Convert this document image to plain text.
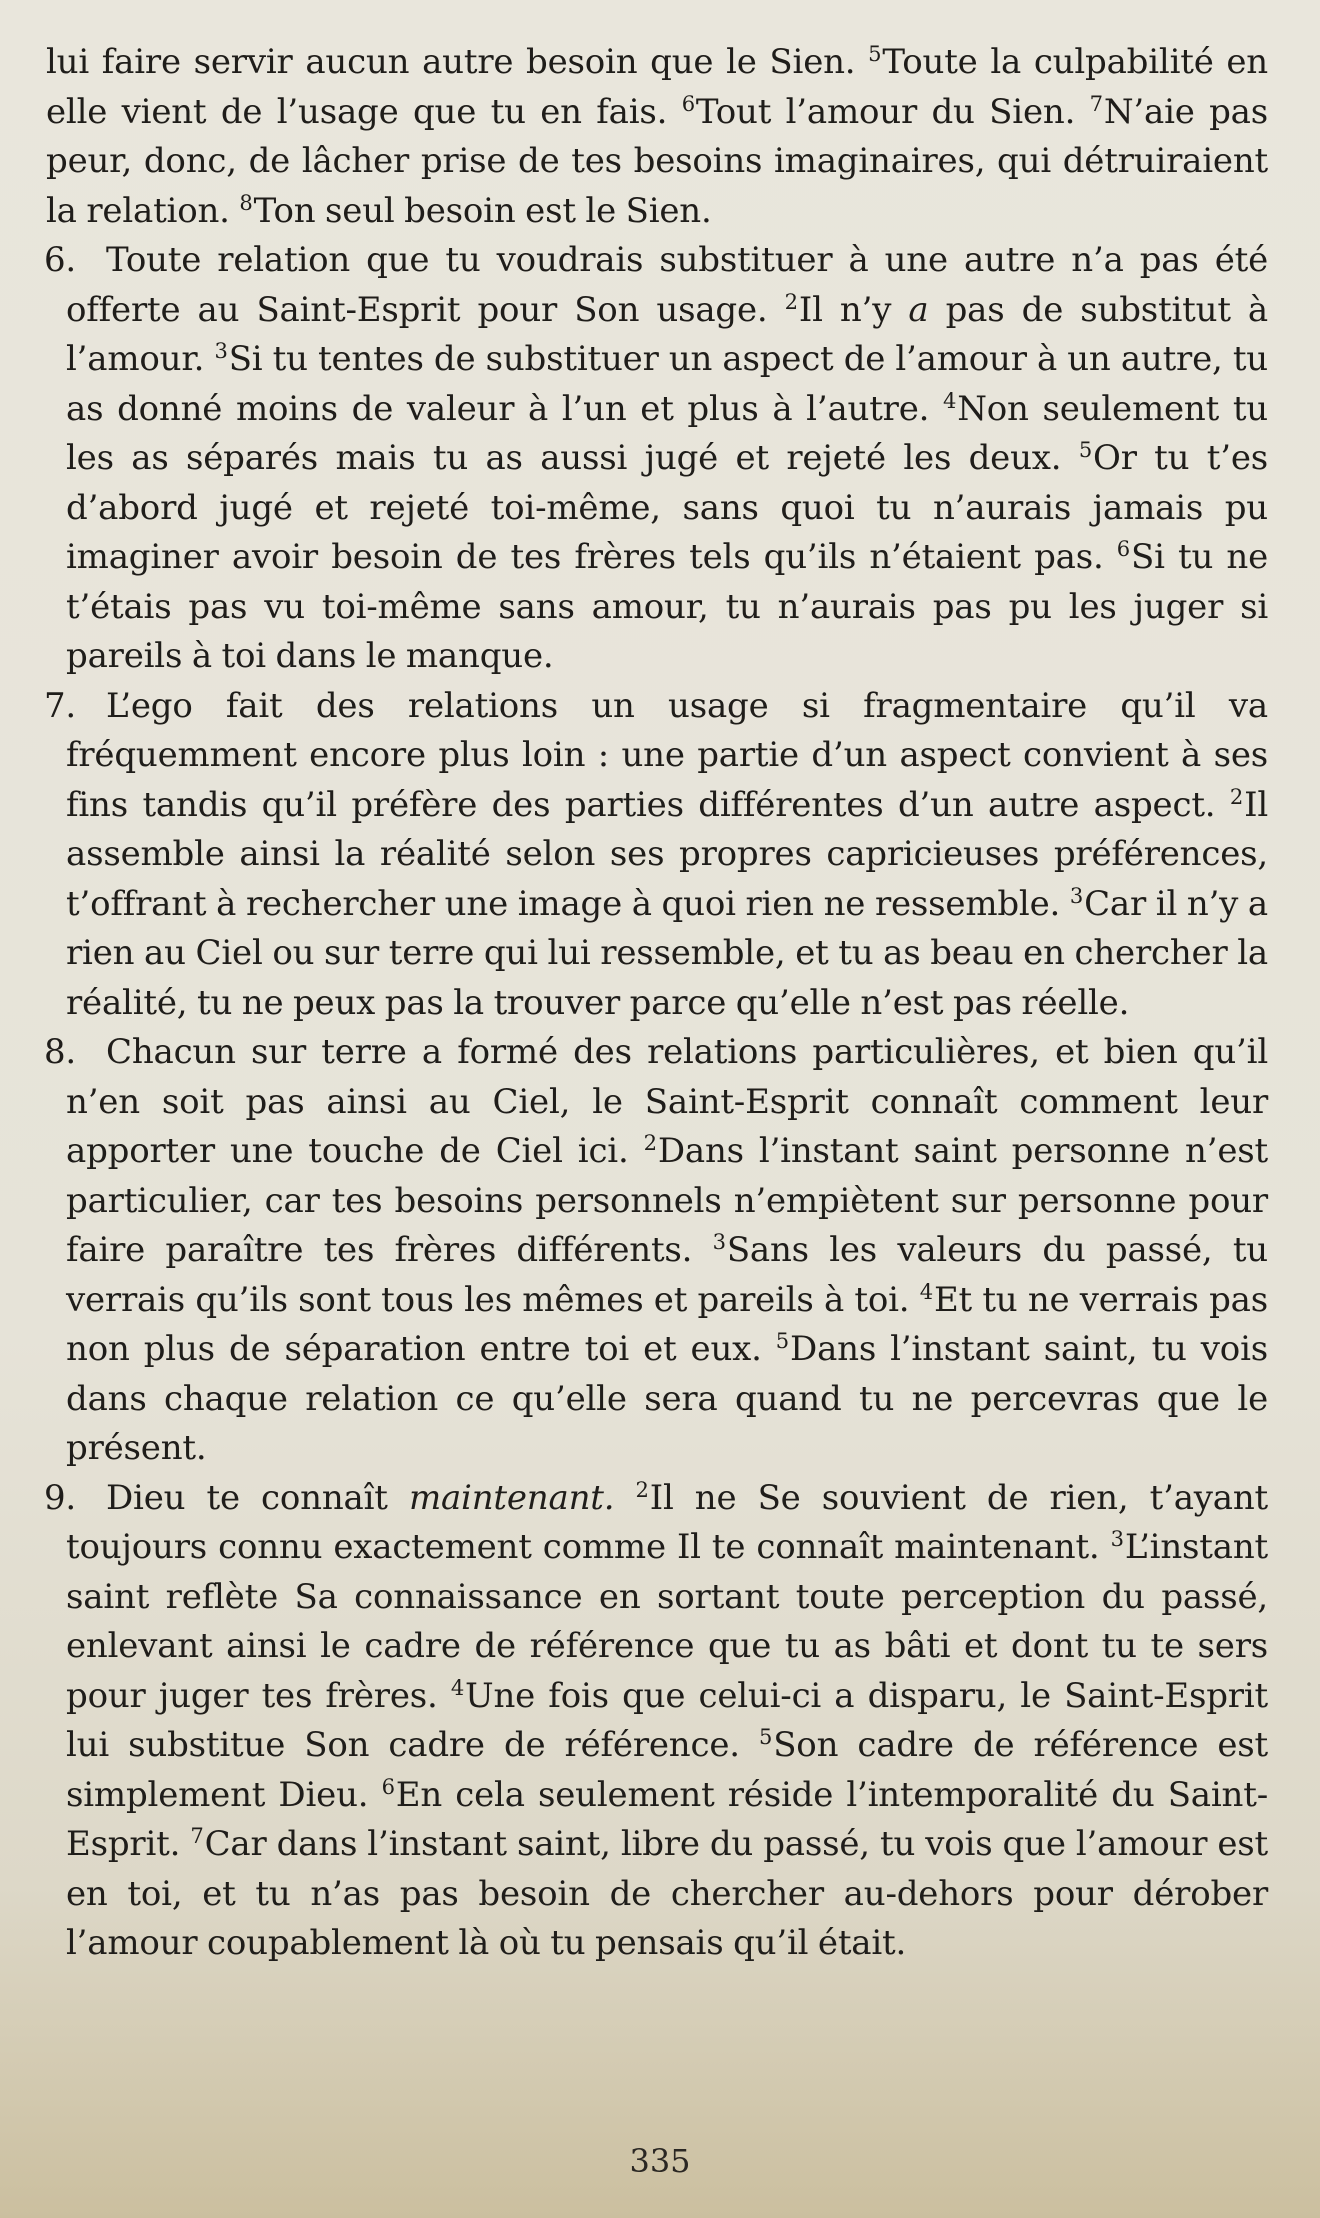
lui faire servir aucun autre besoin que le Sien. $^5$Toute la culpabilité en elle vient de l’usage que tu en fais. $^6$Tout l’amour du Sien. $^7$N’aie pas peur, donc, de lâcher prise de tes besoins imaginaires, qui détruiraient la relation. $^8$Ton seul besoin est le Sien.

6. Toute relation que tu voudrais substituer à une autre n’a pas été offerte au Saint-Esprit pour Son usage. $^2$Il n’y a pas de substitut à l’amour. $^3$Si tu tentes de substituer un aspect de l’amour à un autre, tu as donné moins de valeur à l’un et plus à l’autre. $^4$Non seulement tu les as séparés mais tu as aussi jugé et rejeté les deux. $^5$Or tu t’es d’abord jugé et rejeté toi-même, sans quoi tu n’aurais jamais pu imaginer avoir besoin de tes frères tels qu’ils n’étaient pas. $^6$Si tu ne t’étais pas vu toi-même sans amour, tu n’aurais pas pu les juger si pareils à toi dans le manque.

7. L’ego fait des relations un usage si fragmentaire qu’il va fréquemment encore plus loin : une partie d’un aspect convient à ses fins tandis qu’il préfère des parties différentes d’un autre aspect. $^2$Il assemble ainsi la réalité selon ses propres capricieuses préférences, t’offrant à rechercher une image à quoi rien ne ressemble. $^3$Car il n’y a rien au Ciel ou sur terre qui lui ressemble, et tu as beau en chercher la réalité, tu ne peux pas la trouver parce qu’elle n’est pas réelle.

8. Chacun sur terre a formé des relations particulières, et bien qu’il n’en soit pas ainsi au Ciel, le Saint-Esprit connaît comment leur apporter une touche de Ciel ici. $^2$Dans l’instant saint personne n’est particulier, car tes besoins personnels n’empiètent sur personne pour faire paraître tes frères différents. $^3$Sans les valeurs du passé, tu verrais qu’ils sont tous les mêmes et pareils à toi. $^4$Et tu ne verrais pas non plus de séparation entre toi et eux. $^5$Dans l’instant saint, tu vois dans chaque relation ce qu’elle sera quand tu ne percevras que le présent.

9. Dieu te connaît maintenant. $^2$Il ne Se souvient de rien, t’ayant toujours connu exactement comme Il te connaît maintenant. $^3$L’instant saint reflète Sa connaissance en sortant toute perception du passé, enlevant ainsi le cadre de référence que tu as bâti et dont tu te sers pour juger tes frères. $^4$Une fois que celui-ci a disparu, le Saint-Esprit lui substitue Son cadre de référence. $^5$Son cadre de référence est simplement Dieu. $^6$En cela seulement réside l’intemporalité du Saint-Esprit. $^7$Car dans l’instant saint, libre du passé, tu vois que l’amour est en toi, et tu n’as pas besoin de chercher au-dehors pour dérober l’amour coupablement là où tu pensais qu’il était.

335
